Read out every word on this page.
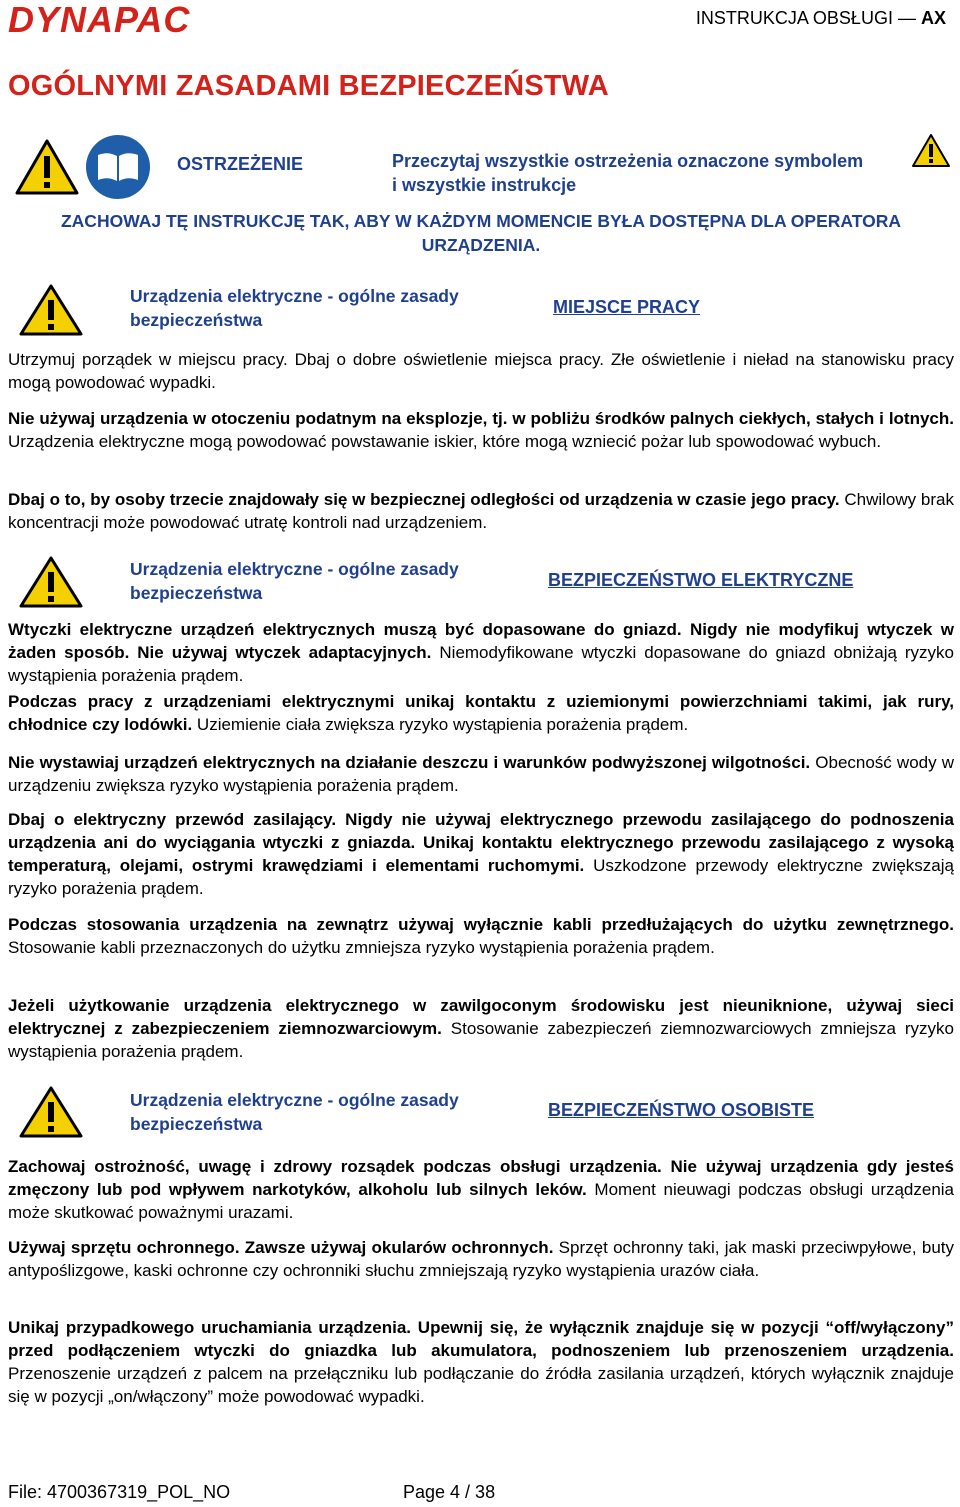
DYNAPAC	INSTRUKCJA OBSŁUGI — AX
OGÓLNYMI ZASADAMI BEZPIECZEŃSTWA
OSTRZEŻENIE	Przeczytaj wszystkie ostrzeżenia oznaczone symbolem
i wszystkie instrukcje
ZACHOWAJ TĘ INSTRUKCJĘ TAK, ABY W KAŻDYM MOMENCIE BYŁA DOSTĘPNA DLA OPERATORA
URZĄDZENIA.
Urządzenia elektryczne - ogólne zasady
bezpieczeństwa
MIEJSCE PRACY
Utrzymuj porządek w miejscu pracy. Dbaj o dobre oświetlenie miejsca pracy. Złe oświetlenie i nieład na stanowisku pracy mogą powodować wypadki.
Nie używaj urządzenia w otoczeniu podatnym na eksplozje, tj. w pobliżu środków palnych ciekłych, stałych i lotnych. Urządzenia elektryczne mogą powodować powstawanie iskier, które mogą wzniecić pożar lub spowodować wybuch.
Dbaj o to, by osoby trzecie znajdowały się w bezpiecznej odległości od urządzenia w czasie jego pracy. Chwilowy brak koncentracji może powodować utratę kontroli nad urządzeniem.
Urządzenia elektryczne - ogólne zasady
bezpieczeństwa
BEZPIECZEŃSTWO ELEKTRYCZNE
Wtyczki elektryczne urządzeń elektrycznych muszą być dopasowane do gniazd. Nigdy nie modyfikuj wtyczek w żaden sposób. Nie używaj wtyczek adaptacyjnych. Niemodyfikowane wtyczki dopasowane do gniazd obniżają ryzyko wystąpienia porażenia prądem.
Podczas pracy z urządzeniami elektrycznymi unikaj kontaktu z uziemionymi powierzchniami takimi, jak rury, chłodnice czy lodówki. Uziemienie ciała zwiększa ryzyko wystąpienia porażenia prądem.
Nie wystawiaj urządzeń elektrycznych na działanie deszczu i warunków podwyższonej wilgotności. Obecność wody w urządzeniu zwiększa ryzyko wystąpienia porażenia prądem.
Dbaj o elektryczny przewód zasilający. Nigdy nie używaj elektrycznego przewodu zasilającego do podnoszenia urządzenia ani do wyciągania wtyczki z gniazda. Unikaj kontaktu elektrycznego przewodu zasilającego z wysoką temperaturą, olejami, ostrymi krawędziami i elementami ruchomymi. Uszkodzone przewody elektryczne zwiększają ryzyko porażenia prądem.
Podczas stosowania urządzenia na zewnątrz używaj wyłącznie kabli przedłużających do użytku zewnętrznego. Stosowanie kabli przeznaczonych do użytku zmniejsza ryzyko wystąpienia porażenia prądem.
Jeżeli użytkowanie urządzenia elektrycznego w zawilgoconym środowisku jest nieuniknione, używaj sieci elektrycznej z zabezpieczeniem ziemnozwarciowym. Stosowanie zabezpieczeń ziemnozwarciowych zmniejsza ryzyko wystąpienia porażenia prądem.
Urządzenia elektryczne - ogólne zasady
bezpieczeństwa
BEZPIECZEŃSTWO OSOBISTE
Zachowaj ostrożność, uwagę i zdrowy rozsądek podczas obsługi urządzenia. Nie używaj urządzenia gdy jesteś zmęczony lub pod wpływem narkotyków, alkoholu lub silnych leków. Moment nieuwagi podczas obsługi urządzenia może skutkować poważnymi urazami.
Używaj sprzętu ochronnego. Zawsze używaj okularów ochronnych. Sprzęt ochronny taki, jak maski przeciwpyłowe, buty antypoślizgowe, kaski ochronne czy ochronniki słuchu zmniejszają ryzyko wystąpienia urazów ciała.
Unikaj przypadkowego uruchamiania urządzenia. Upewnij się, że wyłącznik znajduje się w pozycji “off/wyłączony” przed podłączeniem wtyczki do gniazdka lub akumulatora, podnoszeniem lub przenoszeniem urządzenia. Przenoszenie urządzeń z palcem na przełączniku lub podłączanie do źródła zasilania urządzeń, których wyłącznik znajduje się w pozycji „on/włączony” może powodować wypadki.
File: 4700367319_POL_NO	Page 4 / 38
